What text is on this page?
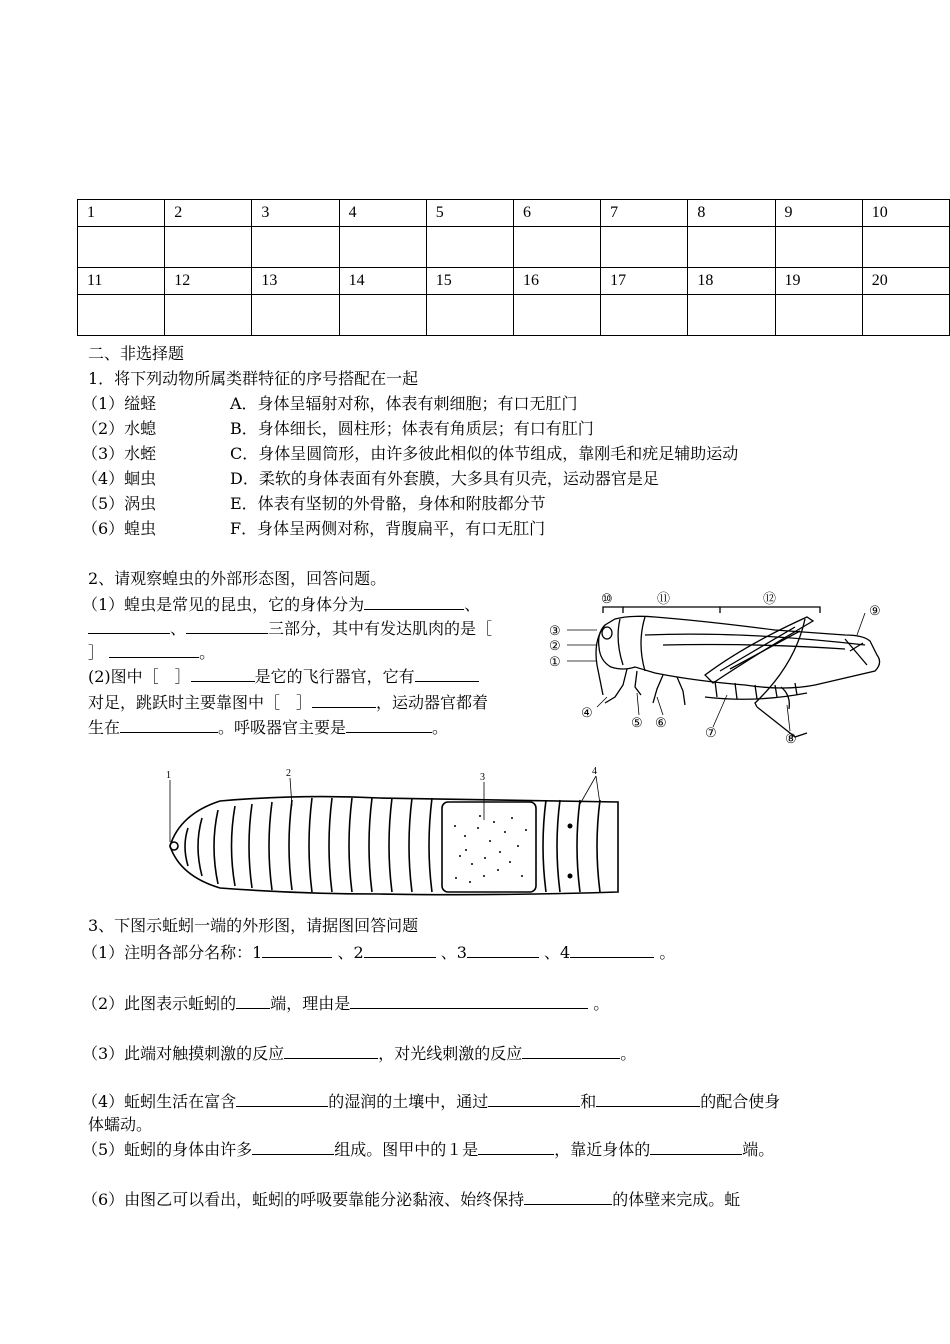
1	2	3	4	5	6	7	8	9	10

11	12	13	14	15	16	17	18	19	20

二、非选择题
1．将下列动物所属类群特征的序号搭配在一起
（1）缢蛏	A．身体呈辐射对称，体表有刺细胞；有口无肛门
（2）水螅	B．身体细长，圆柱形；体表有角质层；有口有肛门
（3）水蛭	C．身体呈圆筒形，由许多彼此相似的体节组成，靠刚毛和疣足辅助运动
（4）蛔虫	D．柔软的身体表面有外套膜，大多具有贝壳，运动器官是足
（5）涡虫	E．体表有坚韧的外骨骼，身体和附肢都分节
（6）蝗虫	F．身体呈两侧对称，背腹扁平，有口无肛门
2、请观察蝗虫的外部形态图，回答问题。
（1）蝗虫是常见的昆虫，它的身体分为	、
、	三部分，其中有发达肌肉的是［
］	。
(2)图中［　］	是它的飞行器官，它有
对足，跳跃时主要靠图中［　］	，运动器官都着
生在	。呼吸器官主要是	。
③
②
①
④
⑤ ⑥
⑦	⑧
⑨
⑩	⑪	⑫
1	2	3
4
3、下图示蚯蚓一端的外形图，请据图回答问题
（1）注明各部分名称：1	、2	、3	、4	。
（2）此图表示蚯蚓的 端，理由是	。
（3）此端对触摸刺激的反应	，对光线刺激的反应	。
（4）蚯蚓生活在富含	的湿润的土壤中，通过	和	的配合使身
体蠕动。
（5）蚯蚓的身体由许多	组成。图甲中的１是	，靠近身体的	端。
（6）由图乙可以看出，蚯蚓的呼吸要靠能分泌黏液、始终保持	的体壁来完成。蚯
